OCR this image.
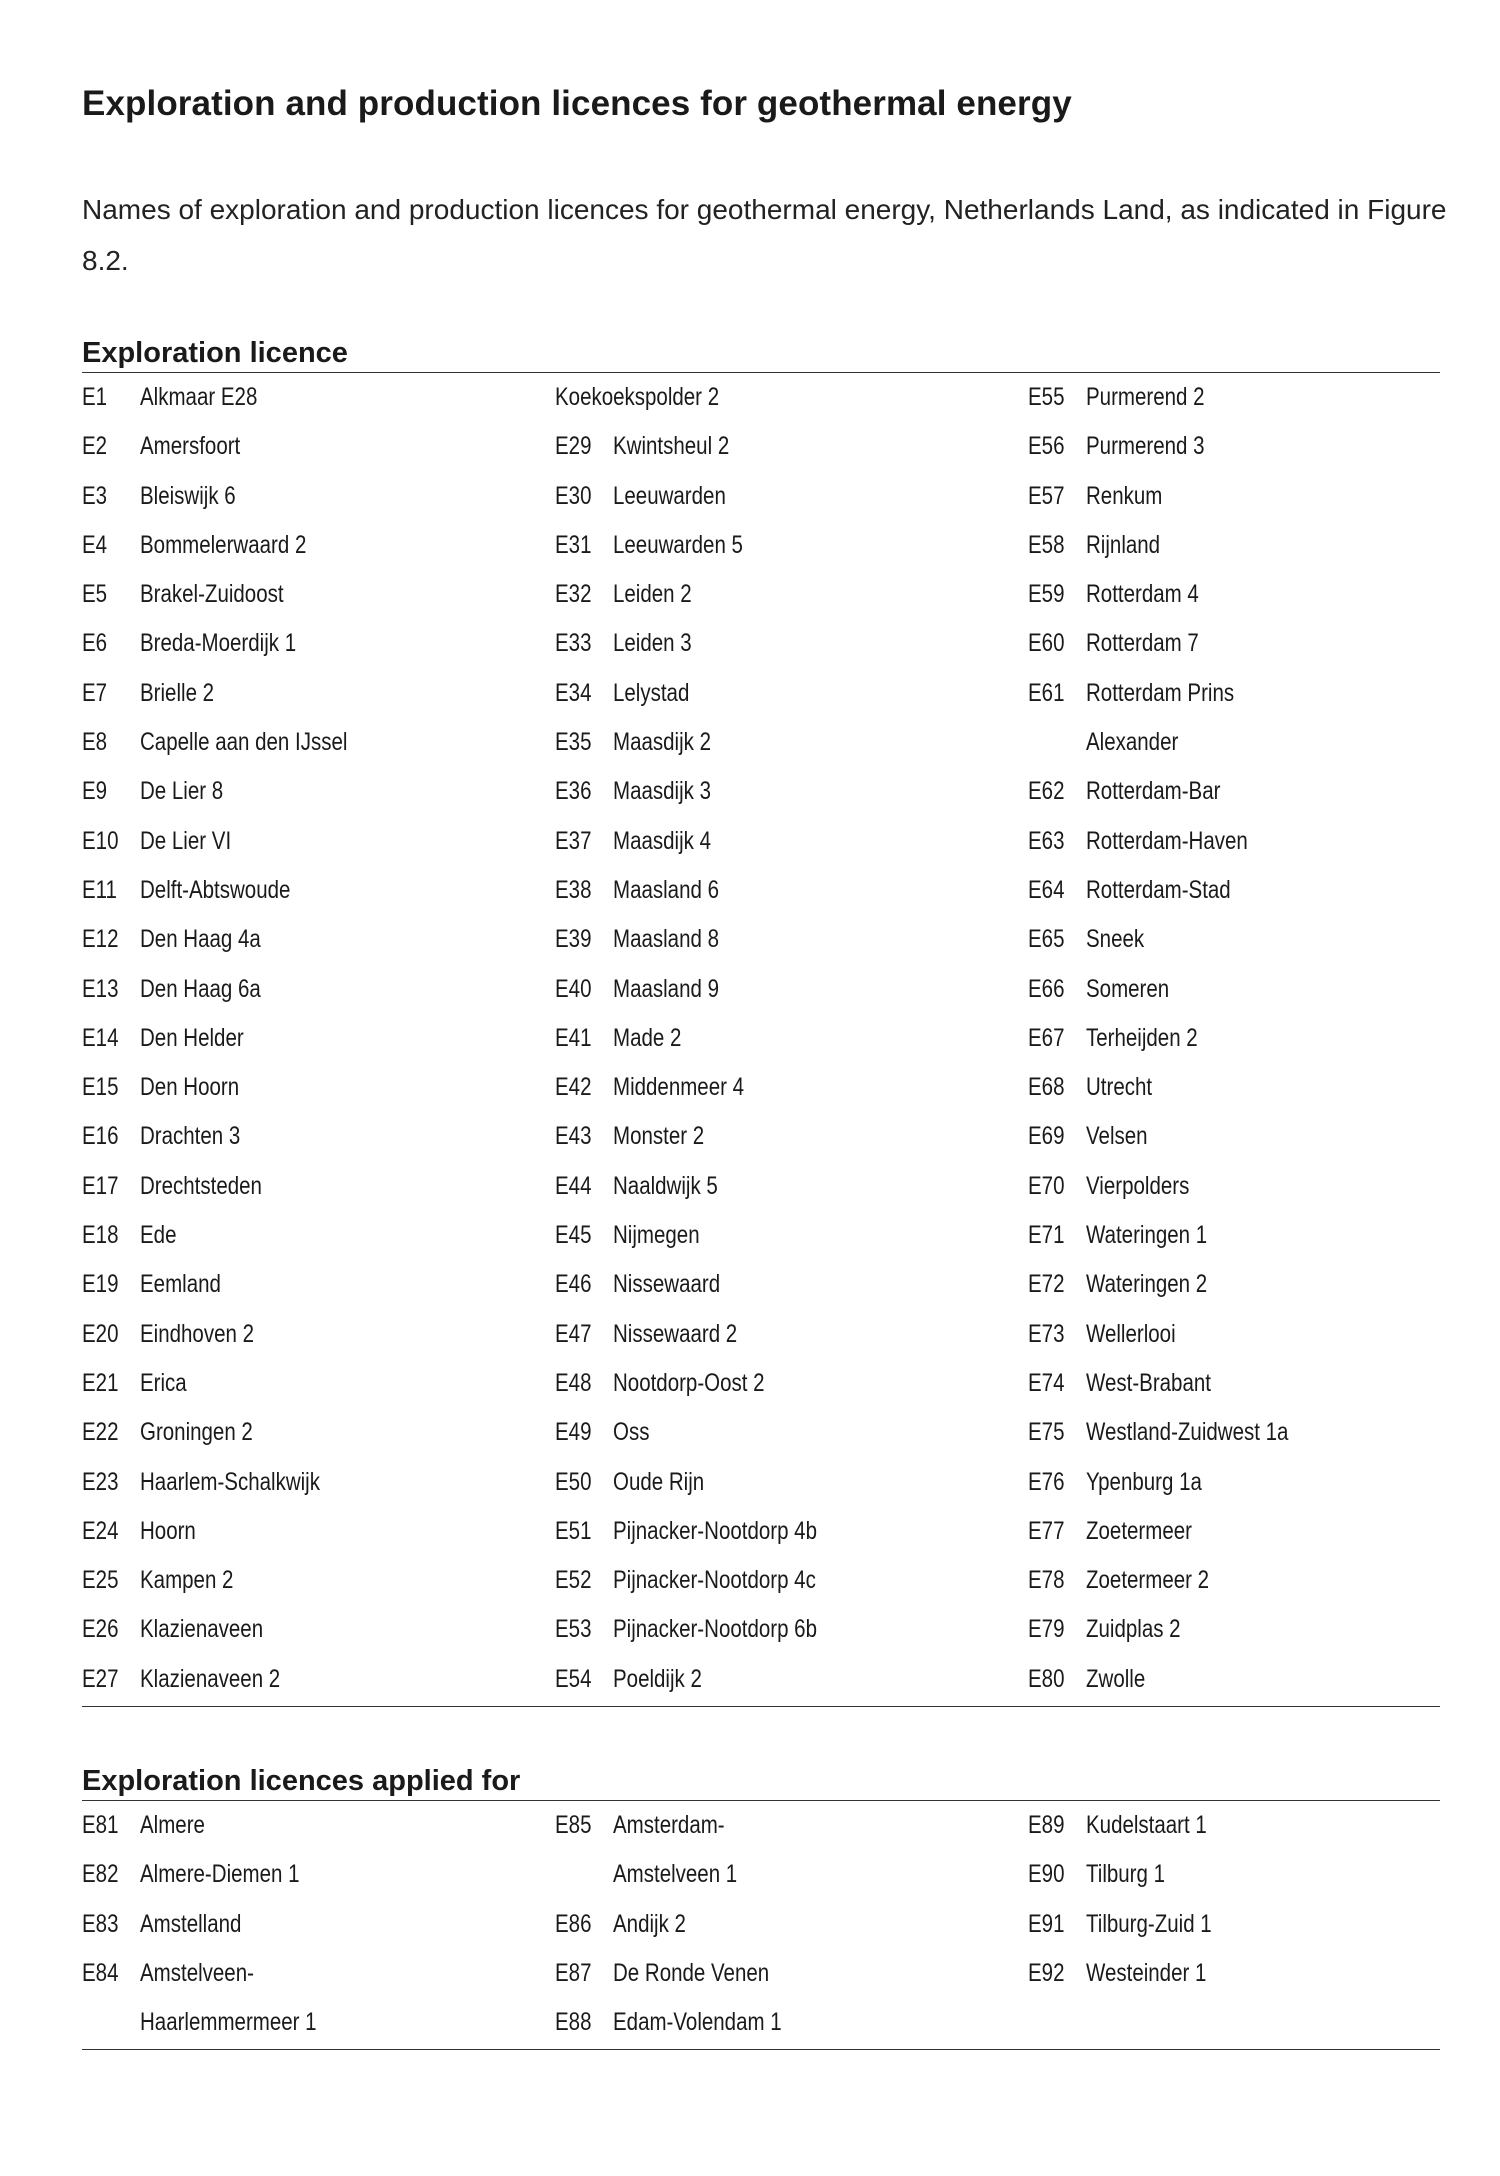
Exploration and production licences for geothermal energy
Names of exploration and production licences for geothermal energy, Netherlands Land, as indicated in Figure 8.2.
Exploration licence
E1 Alkmaar E28
E2 Amersfoort
E3 Bleiswijk 6
E4 Bommelerwaard 2
E5 Brakel-Zuidoost
E6 Breda-Moerdijk 1
E7 Brielle 2
E8 Capelle aan den IJssel
E9 De Lier 8
E10 De Lier VI
E11 Delft-Abtswoude
E12 Den Haag 4a
E13 Den Haag 6a
E14 Den Helder
E15 Den Hoorn
E16 Drachten 3
E17 Drechtsteden
E18 Ede
E19 Eemland
E20 Eindhoven 2
E21 Erica
E22 Groningen 2
E23 Haarlem-Schalkwijk
E24 Hoorn
E25 Kampen 2
E26 Klazienaveen
E27 Klazienaveen 2
Koekoekspolder 2
E29 Kwintsheul 2
E30 Leeuwarden
E31 Leeuwarden 5
E32 Leiden 2
E33 Leiden 3
E34 Lelystad
E35 Maasdijk 2
E36 Maasdijk 3
E37 Maasdijk 4
E38 Maasland 6
E39 Maasland 8
E40 Maasland 9
E41 Made 2
E42 Middenmeer 4
E43 Monster 2
E44 Naaldwijk 5
E45 Nijmegen
E46 Nissewaard
E47 Nissewaard 2
E48 Nootdorp-Oost 2
E49 Oss
E50 Oude Rijn
E51 Pijnacker-Nootdorp 4b
E52 Pijnacker-Nootdorp 4c
E53 Pijnacker-Nootdorp 6b
E54 Poeldijk 2
E55 Purmerend 2
E56 Purmerend 3
E57 Renkum
E58 Rijnland
E59 Rotterdam 4
E60 Rotterdam 7
E61 Rotterdam Prins
Alexander
E62 Rotterdam-Bar
E63 Rotterdam-Haven
E64 Rotterdam-Stad
E65 Sneek
E66 Someren
E67 Terheijden 2
E68 Utrecht
E69 Velsen
E70 Vierpolders
E71 Wateringen 1
E72 Wateringen 2
E73 Wellerlooi
E74 West-Brabant
E75 Westland-Zuidwest 1a
E76 Ypenburg 1a
E77 Zoetermeer
E78 Zoetermeer 2
E79 Zuidplas 2
E80 Zwolle
Exploration licences applied for
E81 Almere
E82 Almere-Diemen 1
E83 Amstelland
E84 Amstelveen-
Haarlemmermeer 1
E85 Amsterdam-
Amstelveen 1
E86 Andijk 2
E87 De Ronde Venen
E88 Edam-Volendam 1
E89 Kudelstaart 1
E90 Tilburg 1
E91 Tilburg-Zuid 1
E92 Westeinder 1
